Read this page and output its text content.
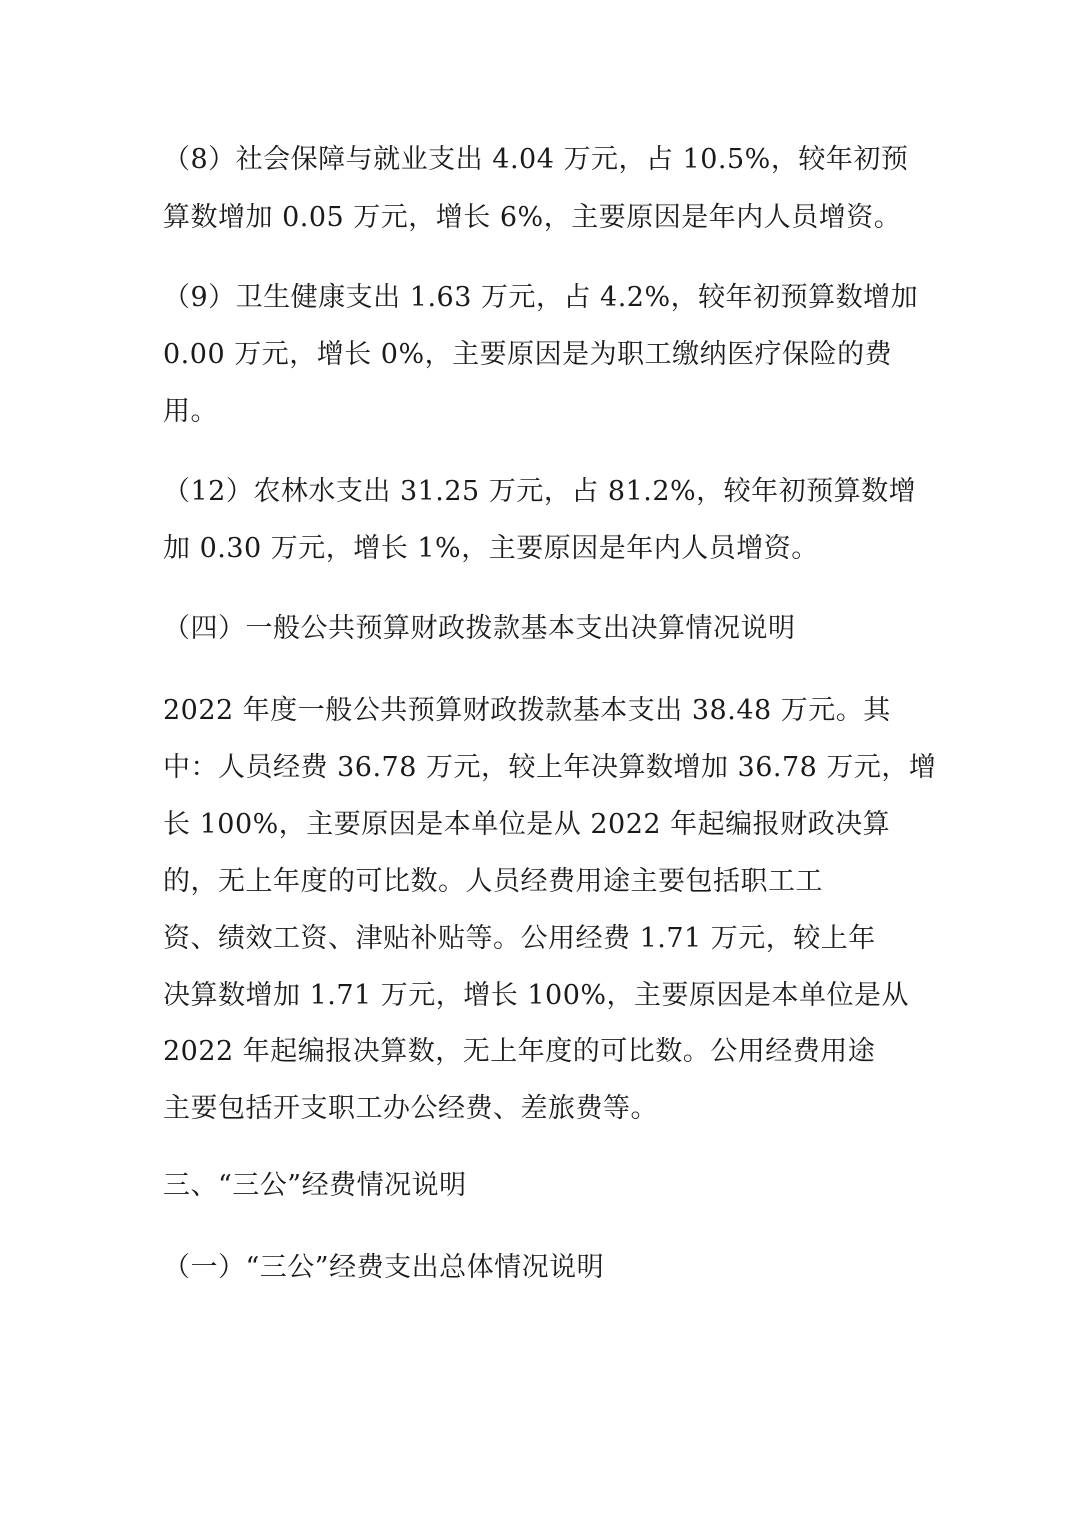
（8）社会保障与就业支出 4.04 万元，占 10.5%，较年初预
算数增加 0.05 万元，增长 6%，主要原因是年内人员增资。
（9）卫生健康支出 1.63 万元，占 4.2%，较年初预算数增加
0.00 万元，增长 0%，主要原因是为职工缴纳医疗保险的费
用。
（12）农林水支出 31.25 万元，占 81.2%，较年初预算数增
加 0.30 万元，增长 1%，主要原因是年内人员增资。
（四）一般公共预算财政拨款基本支出决算情况说明
2022 年度一般公共预算财政拨款基本支出 38.48 万元。其
中：人员经费 36.78 万元，较上年决算数增加 36.78 万元，增
长 100%，主要原因是本单位是从 2022 年起编报财政决算
的，无上年度的可比数。人员经费用途主要包括职工工
资、绩效工资、津贴补贴等。公用经费 1.71 万元，较上年
决算数增加 1.71 万元，增长 100%，主要原因是本单位是从
2022 年起编报决算数，无上年度的可比数。公用经费用途
主要包括开支职工办公经费、差旅费等。
三、“三公”经费情况说明
（一）“三公”经费支出总体情况说明
